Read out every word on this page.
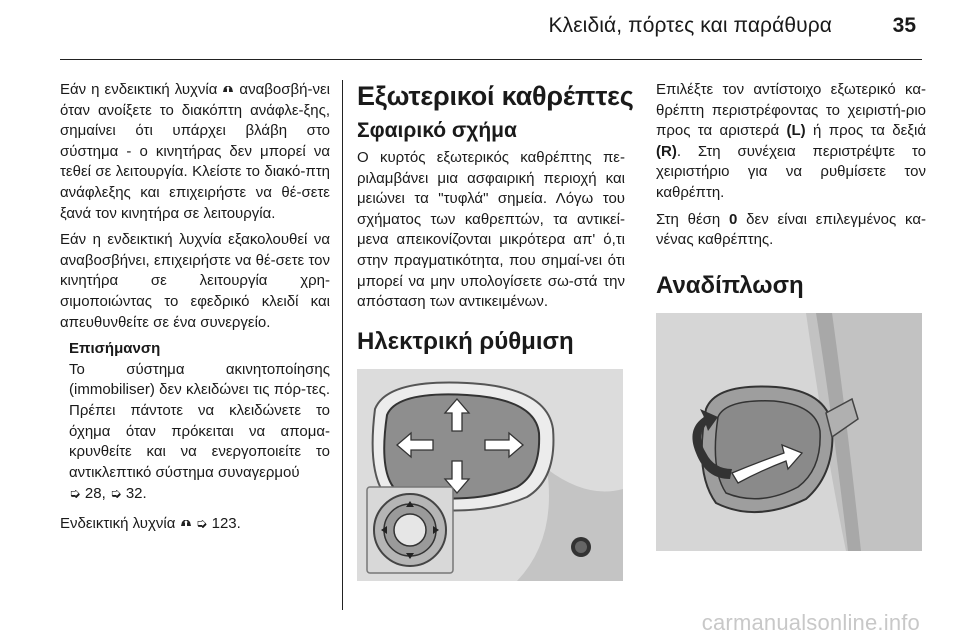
Κλειδιά, πόρτες και παράθυρα	35

Εάν η ενδεικτική λυχνία  αναβοσβή-νει όταν ανοίξετε το διακόπτη ανάφλε-ξης, σημαίνει ότι υπάρχει βλάβη στο σύστημα - ο κινητήρας δεν μπορεί να τεθεί σε λειτουργία. Κλείστε το διακό-πτη ανάφλεξης και επιχειρήστε να θέ-σετε ξανά τον κινητήρα σε λειτουργία.

Εάν η ενδεικτική λυχνία εξακολουθεί να αναβοσβήνει, επιχειρήστε να θέ-σετε τον κινητήρα σε λειτουργία χρη-σιμοποιώντας το εφεδρικό κλειδί και απευθυνθείτε σε ένα συνεργείο.

Επισήμανση

Το σύστημα ακινητοποίησης (immobiliser) δεν κλειδώνει τις πόρ-τες. Πρέπει πάντοτε να κλειδώνετε το όχημα όταν πρόκειται να απομα-κρυνθείτε και να ενεργοποιείτε το αντικλεπτικό σύστημα συναγερμού
➭ 28, ➭ 32.

Ενδεικτική λυχνία  ➭ 123.

Εξωτερικοί καθρέπτες
Σφαιρικό σχήμα

Ο κυρτός εξωτερικός καθρέπτης πε-ριλαμβάνει μια ασφαιρική περιοχή και μειώνει τα "τυφλά" σημεία. Λόγω του σχήματος των καθρεπτών, τα αντικεί-μενα απεικονίζονται μικρότερα απ' ό,τι στην πραγματικότητα, που σημαί-νει ότι μπορεί να μην υπολογίσετε σω-στά την απόσταση των αντικειμένων.

Ηλεκτρική ρύθμιση

Επιλέξτε τον αντίστοιχο εξωτερικό κα-θρέπτη περιστρέφοντας το χειριστή-ριο προς τα αριστερά (L) ή προς τα δεξιά (R). Στη συνέχεια περιστρέψτε το χειριστήριο για να ρυθμίσετε τον καθρέπτη.

Στη θέση 0 δεν είναι επιλεγμένος κα-νένας καθρέπτης.

Αναδίπλωση
carmanualsonline.info
